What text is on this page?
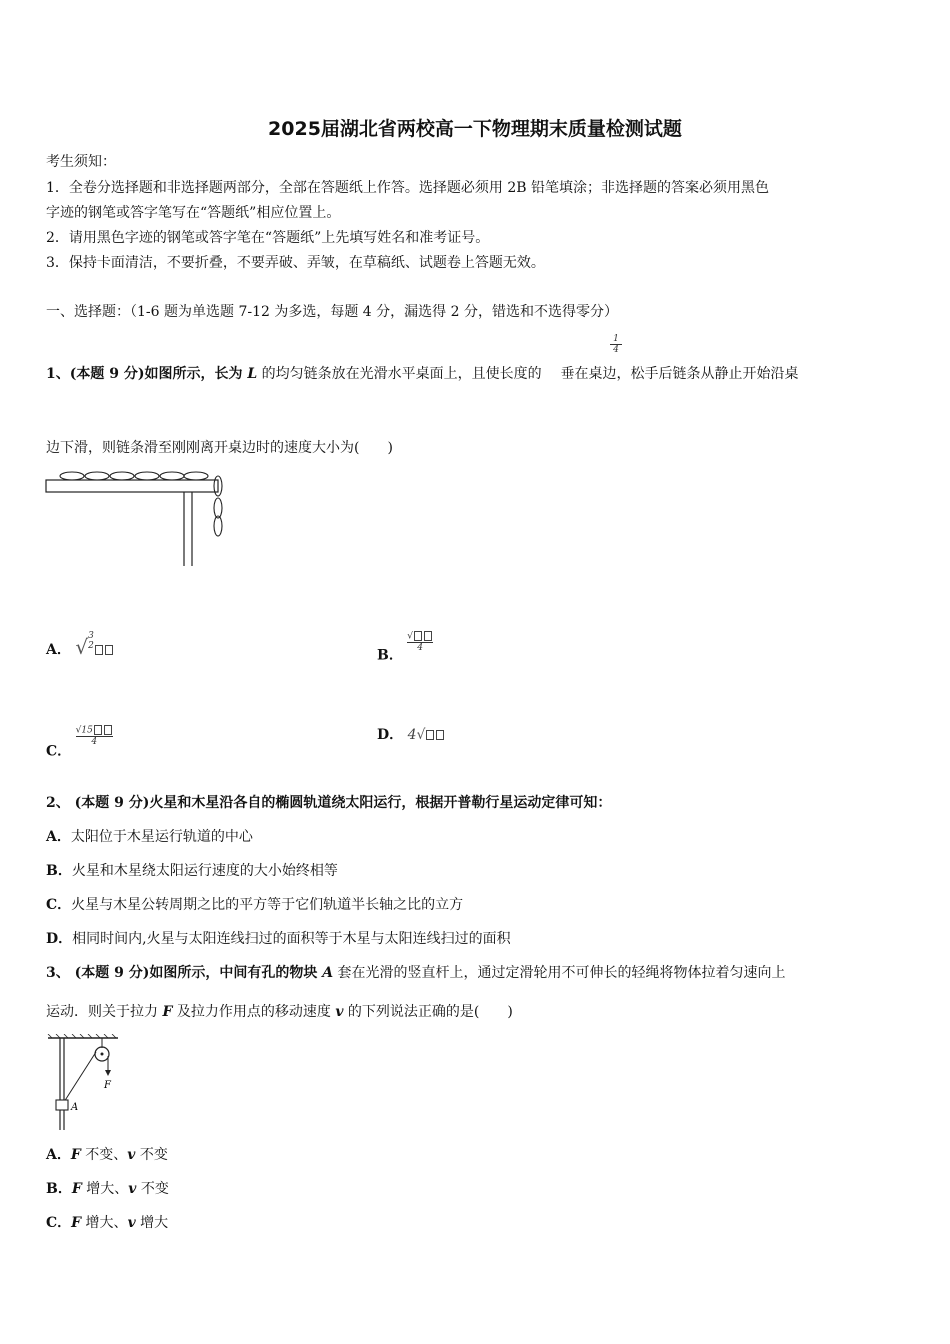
2025届湖北省两校高一下物理期末质量检测试题
考生须知：
1．全卷分选择题和非选择题两部分，全部在答题纸上作答。选择题必须用 2B 铅笔填涂；非选择题的答案必须用黑色
字迹的钢笔或答字笔写在“答题纸”相应位置上。
2．请用黑色字迹的钢笔或答字笔在“答题纸”上先填写姓名和准考证号。
3．保持卡面清洁，不要折叠，不要弄破、弄皱，在草稿纸、试题卷上答题无效。
一、选择题：（1-6 题为单选题 7-12 为多选，每题 4 分，漏选得 2 分，错选和不选得零分）
1、(本题 9 分)如图所示，长为 L 的均匀链条放在光滑水平桌面上，且使长度的  垂在桌边，松手后链条从静止开始沿桌
$\frac{1}{4}$
边下滑，则链条滑至刚刚离开桌边时的速度大小为(　　)
A． √ 3
2
B．
$\frac{√}{4}$
C．
$\frac{√15}{4}$	D． 4√
2、 (本题 9 分)火星和木星沿各自的椭圆轨道绕太阳运行，根据开普勒行星运动定律可知：
A．太阳位于木星运行轨道的中心
B．火星和木星绕太阳运行速度的大小始终相等
C．火星与木星公转周期之比的平方等于它们轨道半长轴之比的立方
D．相同时间内,火星与太阳连线扫过的面积等于木星与太阳连线扫过的面积
3、 (本题 9 分)如图所示，中间有孔的物块 A 套在光滑的竖直杆上，通过定滑轮用不可伸长的轻绳将物体拉着匀速向上
运动．则关于拉力 F 及拉力作用点的移动速度 v 的下列说法正确的是(　　)
F
A
A．F 不变、v 不变
B．F 增大、v 不变
C．F 增大、v 增大
